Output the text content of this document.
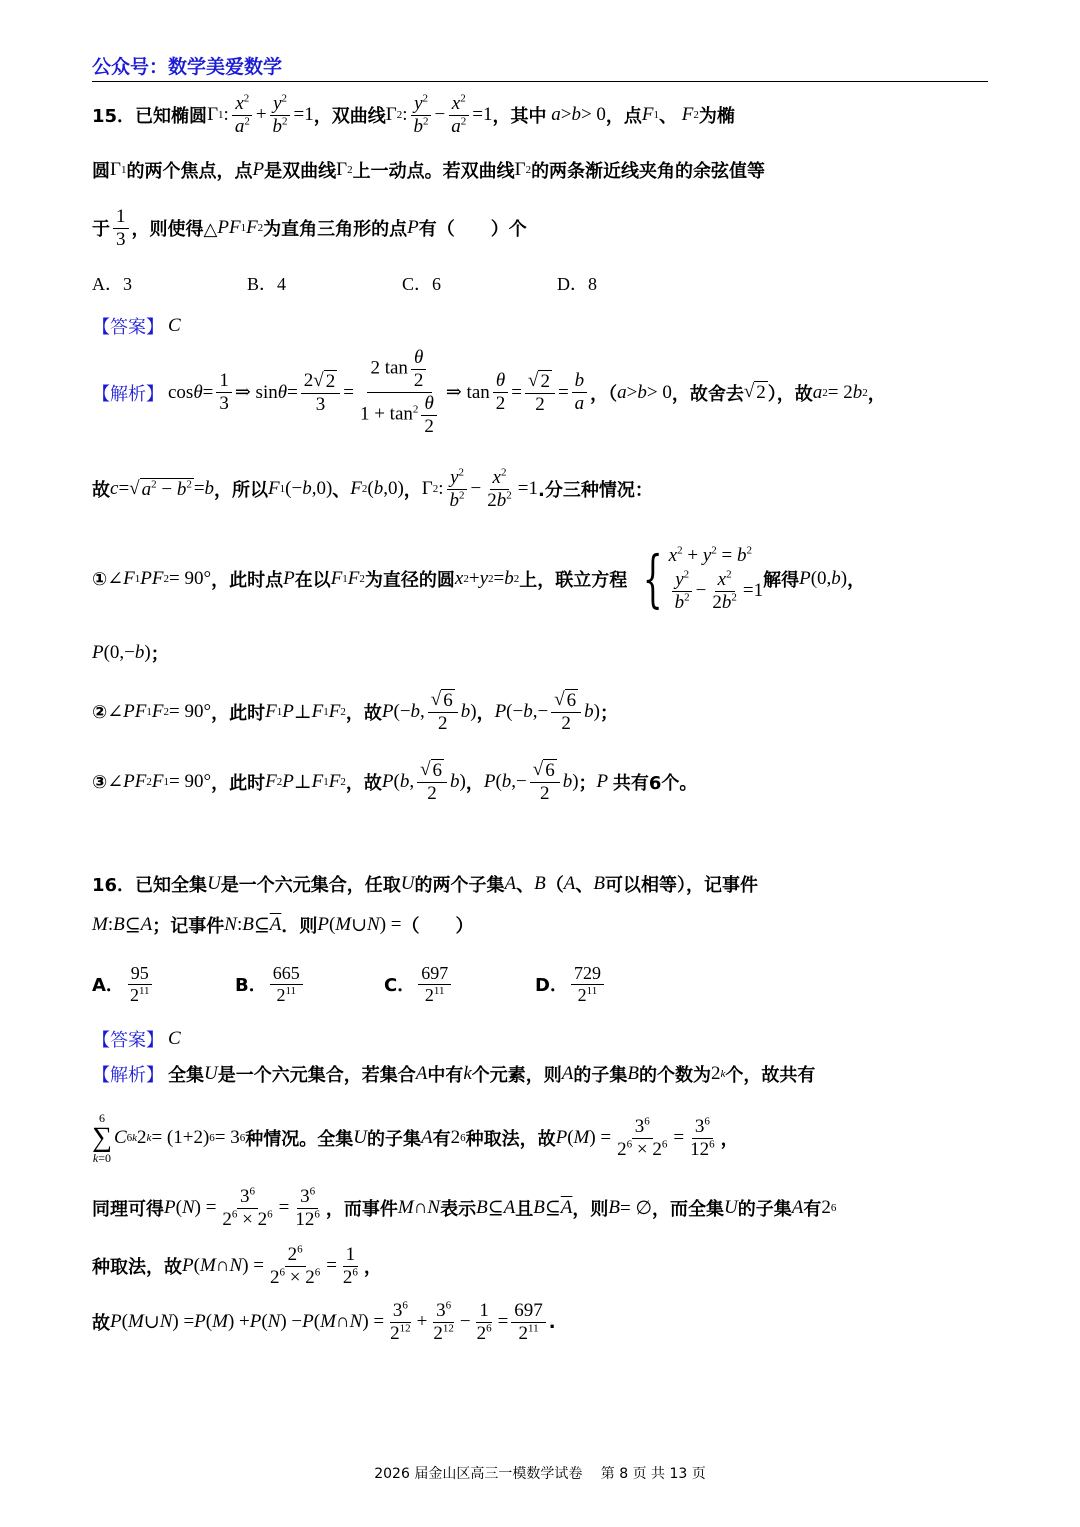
公众号：数学美爱数学
15． 已知椭圆 Γ 1 : $\frac{x^2}{a^2} + \frac{y^2}{b^2} =1$ ，双曲线 Γ 2 : $\frac{y^2}{b^2} - \frac{x^2}{a^2} =1$ ，其中
a > b > 0 ，点 F 1 、
F 2 为椭
圆 Γ 1 的两个焦点，点 P 是双曲线 Γ 2 上一动点。若双曲线 Γ 2 的两条渐近线夹角的余弦值等
于 $\frac{1}{3}$ ，则使得△ PF 1 F 2 为直角三角形的点 P 有（　　）个
A．3	B．4	C．6	D．8
【答案】 C
【解析】 $\cos \theta = \frac{1}{3}$ ⇒ $\sin \theta = \frac{2√ 2}{3} = \frac{2 \tan \frac{\theta}{2}}{1 + \tan^2 \frac{\theta}{2}}$ ⇒ $\tan \frac{\theta}{2} = \frac{√ 2}{2} = \frac{b}{a}$ ，（ a > b > 0 ，故舍去 √ 2 ），故 a 2 = 2 b 2 ，
故 c = √ $a^2 - b^2 = b$ ，所以 F 1 (− b ,0) 、 F 2 ( b ,0) ， Γ 2 : $\frac{y^2}{b^2} - \frac{x^2}{2b^2} =1$ .分三种情况：
① ∠ F 1 PF 2 = 90° ，此时点 P 在以 F 1 F 2 为直径的圆 x 2 + y 2 = b 2 上，联立方程 { $x^2 + y^2 = b^2$
$\frac{y^2}{b^2} - \frac{x^2}{2b^2} =1$ 解得 P (0, b ) ，
P (0,− b ) ；
② ∠ PF 1 F 2 = 90° ，此时 F 1 P ⊥ F 1 F 2 ，故 P (− b , $\frac{√ 6}{2}$ b ) ， P (− b ,− $\frac{√ 6}{2}$ b ) ；
③ ∠ PF 2 F 1 = 90° ，此时 F 2 P ⊥ F 1 F 2 ，故 P ( b , $\frac{√ 6}{2}$ b ) ， P ( b ,− $\frac{√ 6}{2}$ b ) ； P
共有6个。
16． 已知全集 U 是一个六元集合，任取 U 的两个子集 A 、 B （ A 、 B 可以相等），记事件
M : B ⊆ A ；记事件 N : B ⊆ $\overline{A}$ ．则 P ( M ∪ N ) = （　　）
A． $\frac{95}{2^{11}}$	B． $\frac{665}{2^{11}}$	C． $\frac{697}{2^{11}}$	D． $\frac{729}{2^{11}}$
【答案】 C
【解析】 全集 U 是一个六元集合，若集合 A 中有 k 个元素，则 A 的子集 B 的个数为 2 k 个，故共有
6
∑
k=0
C 6 k 2 k = (1+2) 6 = 3 6 种情况。全集 U 的子集 A 有 2 6 种取法，故 P ( M ) = $\frac{3^6}{2^6 \times 2^6} = \frac{3^6}{12^6}$ ，
同理可得 P ( N ) = $\frac{3^6}{2^6 \times 2^6} = \frac{3^6}{12^6}$ ，而事件 M ∩ N 表示 B ⊆ A 且 B ⊆ $\overline{A}$ ，则 B = ∅ ，而全集 U 的子集 A 有 2 6
种取法，故 P ( M ∩ N ) = $\frac{2^6}{2^6 \times 2^6} = \frac{1}{2^6}$ ，
故 P ( M ∪ N ) = P ( M ) + P ( N ) − P ( M ∩ N ) = $\frac{3^6}{2^{12}} + \frac{3^6}{2^{12}} - \frac{1}{2^6} = \frac{697}{2^{11}}$ .
2026 届金山区高三一模数学试卷　 第 8 页 共 13 页
